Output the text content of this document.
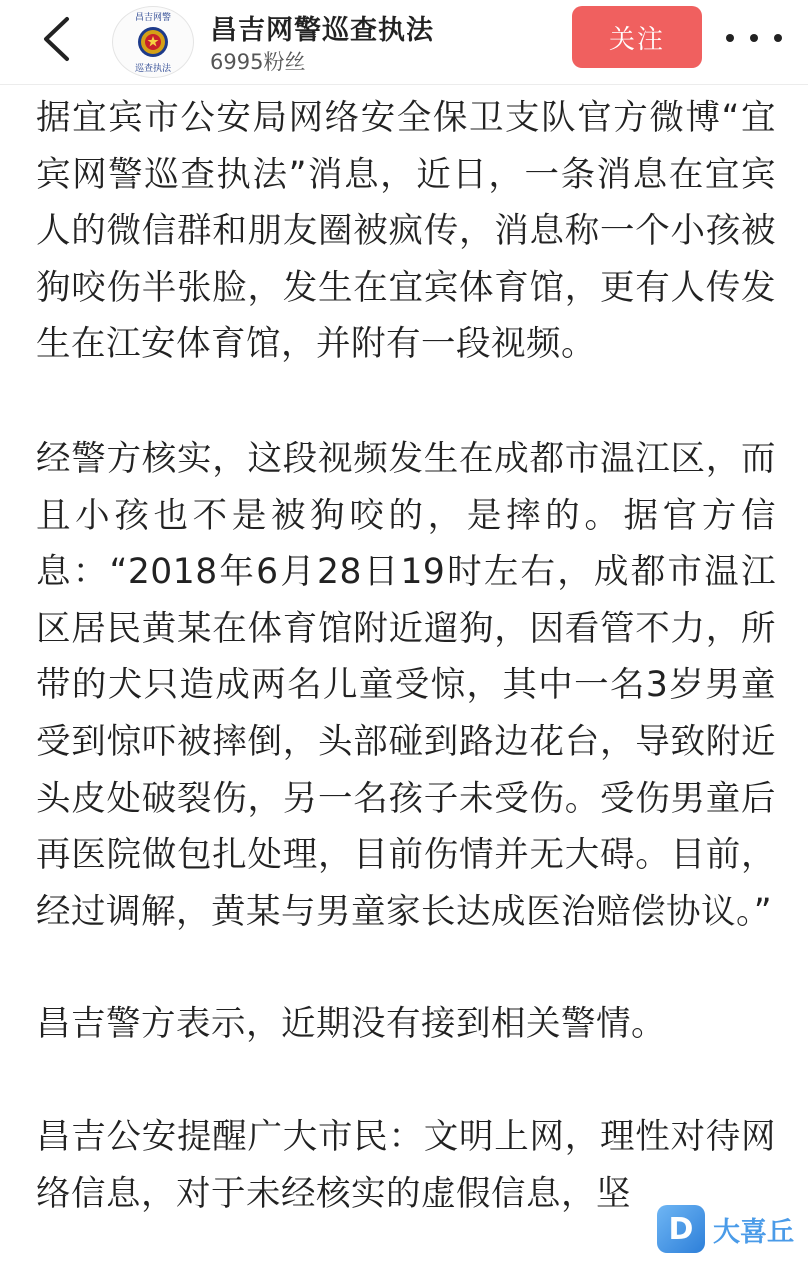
昌吉网警
巡查执法
昌吉网警巡查执法
6995粉丝
关注

据宜宾市公安局网络安全保卫支队官方微博“宜宾网警巡查执法”消息，近日，一条消息在宜宾人的微信群和朋友圈被疯传，消息称一个小孩被狗咬伤半张脸，发生在宜宾体育馆，更有人传发生在江安体育馆，并附有一段视频。

经警方核实，这段视频发生在成都市温江区，而且小孩也不是被狗咬的，是摔的。据官方信息：“2018年6月28日19时左右，成都市温江区居民黄某在体育馆附近遛狗，因看管不力，所带的犬只造成两名儿童受惊，其中一名3岁男童受到惊吓被摔倒，头部碰到路边花台，导致附近头皮处破裂伤，另一名孩子未受伤。受伤男童后再医院做包扎处理，目前伤情并无大碍。目前，经过调解，黄某与男童家长达成医治赔偿协议。”

昌吉警方表示，近期没有接到相关警情。

昌吉公安提醒广大市民：文明上网，理性对待网络信息，对于未经核实的虚假信息，坚

D 大喜丘
